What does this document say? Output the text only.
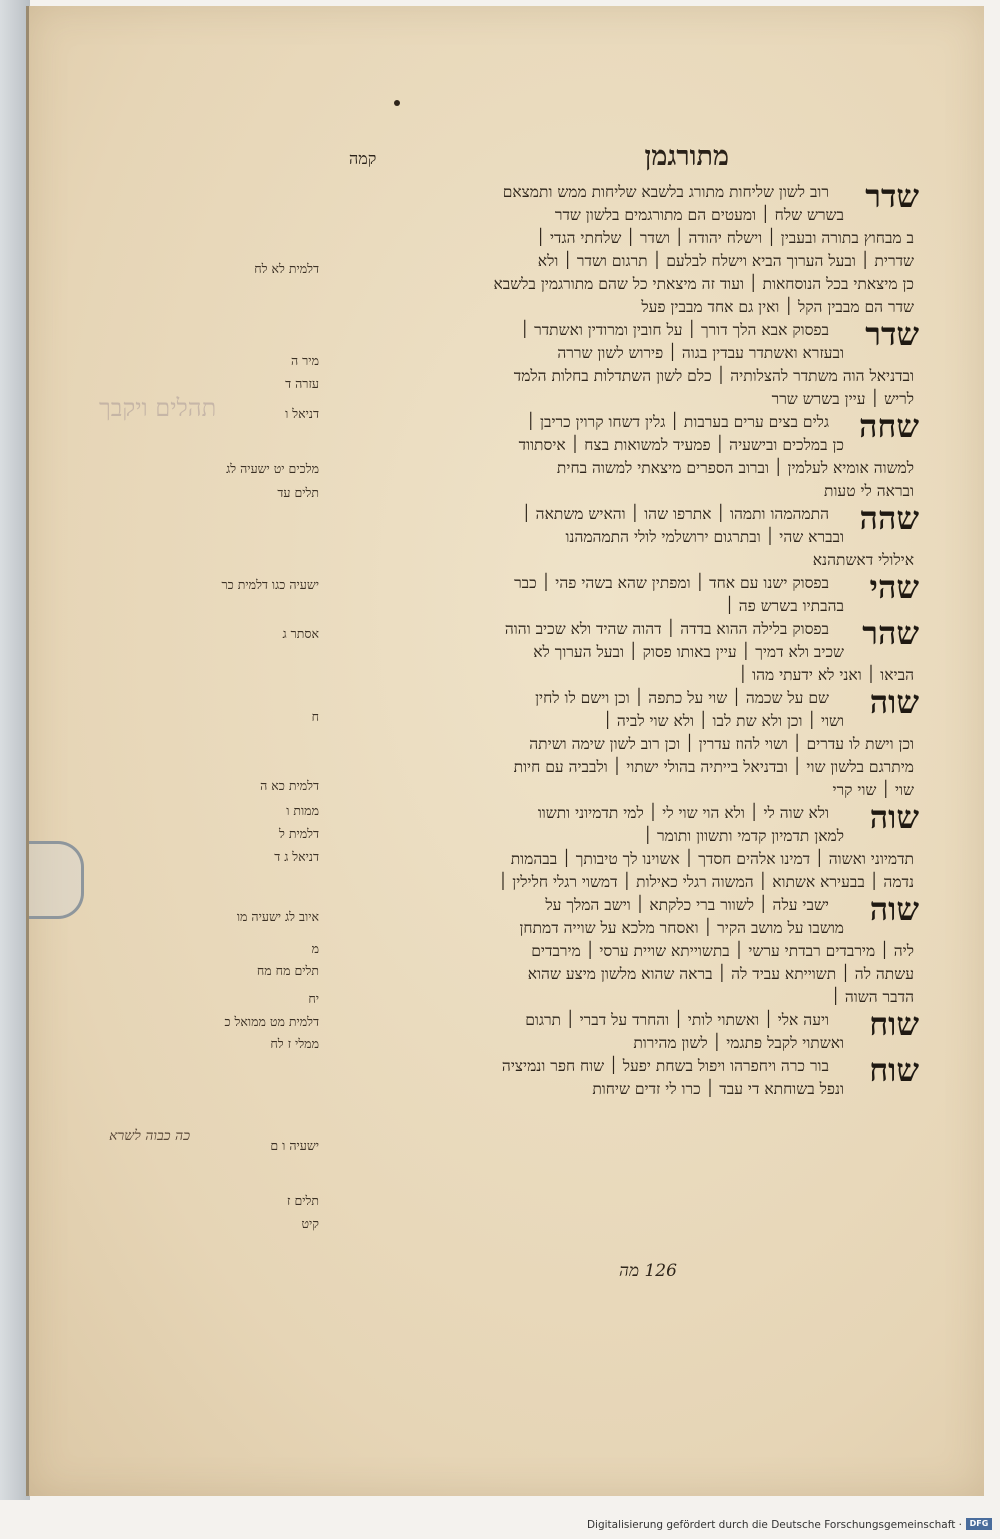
תהלים ויקבך
מתורגמן
קמה
שדר
רוב לשון שליחות מתורג בלשבא שליחות ממש ותמצאם
בשרש שלח ׀ ומעטים הם מתורגמים בלשון שדר
ב מבחוץ בתורה ובעבין ׀ וישלח יהודה ׀ ושדר ׀ שלחתי הגדי ׀
שדרית ׀ ובעל הערוך הביא וישלח לבלעם ׀ תרגום ושדר ׀ ולא
כן מיצאתי בכל הנוסחאות ׀ ועוד זה מיצאתי כל שהם מתורגמין בלשבא
שדר הם מבבין הקל ׀ ואין גם אחד מבבין פעל
שדר
בפסוק אבא הלך דורך ׀ על חובין ומרודין ואשתדר ׀
ובעזרא ואשתדר עבדין בגוה ׀ פירוש לשון שררה
ובדניאל הוה משתדר להצלותיה ׀ כלם לשון השתדלות בחלות הלמד
לריש ׀ עיין בשרש שרר
שחה
גלים בצים ערים בערבות ׀ גלין דשחו קרוין כריבן ׀
כן במלכים ובישעיה ׀ פמעיד למשואות בצח ׀ איסתווד
למשוה אומיא לעלמין ׀ וברוב הספרים מיצאתי למשוה בחית
ובראה לי טעות
שהה
התמהמהו ותמהו ׀ אתרפו שהו ׀ והאיש משתאה ׀
ובברא שהי ׀ ובתרגום ירושלמי לולי התמהמהנו
אילולי דאשתהנא
שהי
בפסוק ישנו עם אחד ׀ ומפתין שהא בשהי פהי ׀ כבר
בהבתיו בשרש פה ׀
שהר
בפסוק בלילה ההוא בדדה ׀ דהוה שהיד ולא שכיב והוה
שכיב ולא דמיך ׀ עיין באותו פסוק ׀ ובעל הערוך לא
הביאו ׀ ואני לא ידעתי מהו ׀
שוה
שם על שכמה ׀ שוי על כתפה ׀ וכן וישם לו לחין
ושוי ׀ וכן ולא שת לבו ׀ ולא שוי לביה ׀
וכן וישת לו עדרים ׀ ושוי להוז עדרין ׀ וכן רוב לשון שימה ושיתה
מיתרגם בלשון שוי ׀ ובדניאל בייתיה בהולי ישתוי ׀ ולבביה עם חיות
שוי ׀ שוי קרי
שוה
ולא שוה לי ׀ ולא הוי שוי לי ׀ למי תדמיוני ותשוו
למאן תדמיון קדמי ותשוון ותומר ׀
תדמיוני ואשוה ׀ דמינו אלהים חסדך ׀ אשוינו לך טיבותך ׀ בבהמות
נדמה ׀ בבעירא אשתוא ׀ המשוה רגלי כאילות ׀ דמשוי רגלי חלילין ׀
שוה
ישבי עלה ׀ לשוור ברי כלקתא ׀ וישב המלך על
מושבו על מושב הקיר ׀ ואסחר מלכא על שוייה דמתחן
ליה ׀ מירבדים רבדתי ערשי ׀ בתשוייתא שויית ערסי ׀ מירבדים
עשתה לה ׀ תשוייתא עביד לה ׀ בראה שהוא מלשון מיצע שהוא
הדבר השוה ׀
שוח
ויעה אלי ׀ ואשתוי לותי ׀ והחרד על דברי ׀ תרגום
ואשתוי לקבל פתגמי ׀ לשון מהירות
שוח
בור כרה ויחפרהו ויפול בשחת יפעל ׀ שוח חפר ונמיציה
ונפל בשוחתא די עבד ׀ כרו לי זדים שיחות
דלמית לא לח
מיר ה
עזרה ד
דניאל ו
מלכים יט ישעיה לג
תלים עד
ישעיה כגו דלמית כר
אסתר ג
ח
דלמית כא ה
ממות ו
דלמית ל
דניאל ג ד
איוב לג ישעיה מו
מ
תלים מח מח
יח
דלמית מט ממואל כ
ממלי ז לח
ישעיה ו ם
תלים ז
קיט
כה כבוה לשרא
126 מה
Digitalisierung gefördert durch die Deutsche Forschungsgemeinschaft · DFG
